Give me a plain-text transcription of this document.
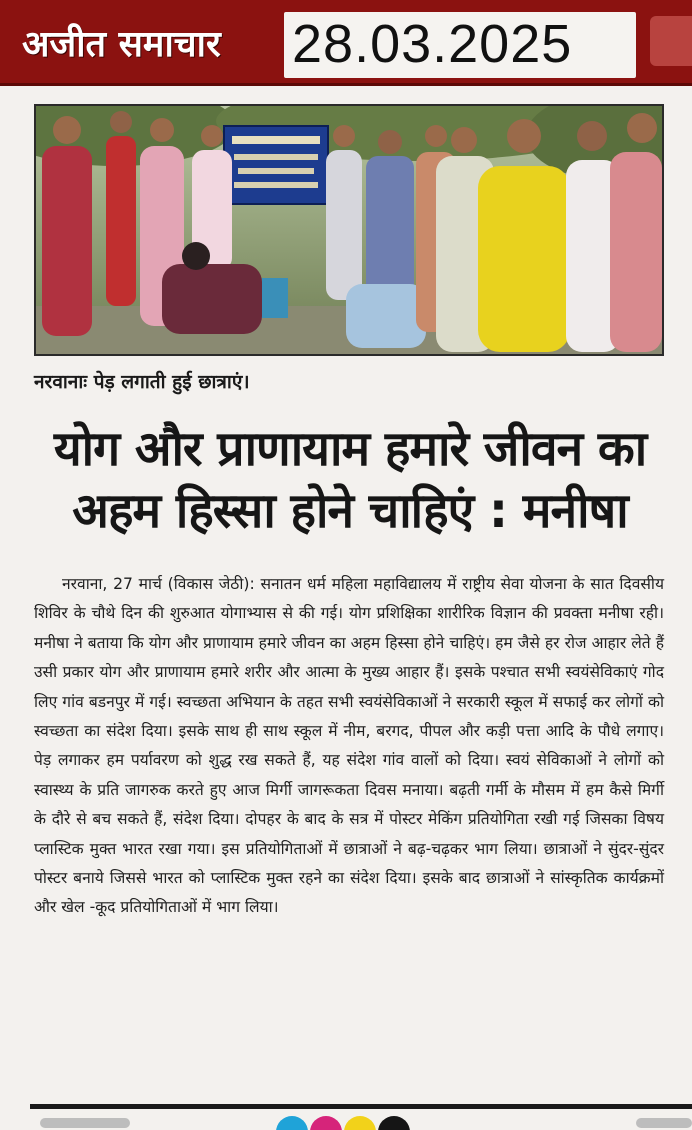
अजीत समाचार 28.03.2025
नरवानाः पेड़ लगाती हुई छात्राएं।
योग और प्राणायाम हमारे जीवन का
अहम हिस्सा होने चाहिएं : मनीषा

नरवाना, 27 मार्च (विकास जेठी): सनातन धर्म महिला महाविद्यालय में राष्ट्रीय सेवा योजना के सात दिवसीय शिविर के चौथे दिन की शुरुआत योगाभ्यास से की गई। योग प्रशिक्षिका शारीरिक विज्ञान की प्रवक्ता मनीषा रही। मनीषा ने बताया कि योग और प्राणायाम हमारे जीवन का अहम हिस्सा होने चाहिएं। हम जैसे हर रोज आहार लेते हैं उसी प्रकार योग और प्राणायाम हमारे शरीर और आत्मा के मुख्य आहार हैं। इसके पश्चात सभी स्वयंसेविकाएं गोद लिए गांव बडनपुर में गई। स्वच्छता अभियान के तहत सभी स्वयंसेविकाओं ने सरकारी स्कूल में सफाई कर लोगों को स्वच्छता का संदेश दिया। इसके साथ ही साथ स्कूल में नीम, बरगद, पीपल और कड़ी पत्ता आदि के पौधे लगाए। पेड़ लगाकर हम पर्यावरण को शुद्ध रख सकते हैं, यह संदेश गांव वालों को दिया। स्वयं सेविकाओं ने लोगों को स्वास्थ्य के प्रति जागरुक करते हुए आज मिर्गी जागरूकता दिवस मनाया। बढ़ती गर्मी के मौसम में हम कैसे मिर्गी के दौरे से बच सकते हैं, संदेश दिया। दोपहर के बाद के सत्र में पोस्टर मेकिंग प्रतियोगिता रखी गई जिसका विषय प्लास्टिक मुक्त भारत रखा गया। इस प्रतियोगिताओं में छात्राओं ने बढ़-चढ़कर भाग लिया। छात्राओं ने सुंदर-सुंदर पोस्टर बनाये जिससे भारत को प्लास्टिक मुक्त रहने का संदेश दिया। इसके बाद छात्राओं ने सांस्कृतिक कार्यक्रमों और खेल -कूद प्रतियोगिताओं में भाग लिया।
